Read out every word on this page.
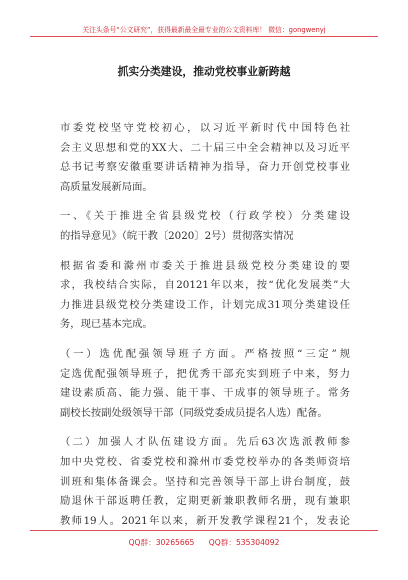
关注头条号“公文研究”，获得最新最全最专业的公文资料库！ 微信：gongwenyj
抓实分类建设，推动党校事业新跨越
市委党校坚守党校初心，以习近平新时代中国特色社
会主义思想和党的XX大、二十届三中全会精神以及习近平
总书记考察安徽重要讲话精神为指导，奋力开创党校事业
高质量发展新局面。
一、《关于推进全省县级党校（行政学校）分类建设
的指导意见》（皖干教〔2020〕2号）贯彻落实情况
根据省委和滁州市委关于推进县级党校分类建设的要
求，我校结合实际，自20121年以来，按“优化发展类”大
力推进县级党校分类建设工作，计划完成31项分类建设任
务，现已基本完成。
（一）选优配强领导班子方面。严格按照“三定”规
定选优配强领导班子，把优秀干部充实到班子中来，努力
建设素质高、能力强、能干事、干成事的领导班子。常务
副校长按副处级领导干部（同级党委成员提名人选）配备。
（二）加强人才队伍建设方面。先后63次选派教师参
加中央党校、省委党校和滁州市委党校举办的各类师资培
训班和集体备课会。坚持和完善领导干部上讲台制度，鼓
励退休干部返聘任教，定期更新兼职教师名册，现有兼职
教师19人。2021年以来，新开发教学课程21个，发表论
QQ群：30265665 QQ群：535304092
